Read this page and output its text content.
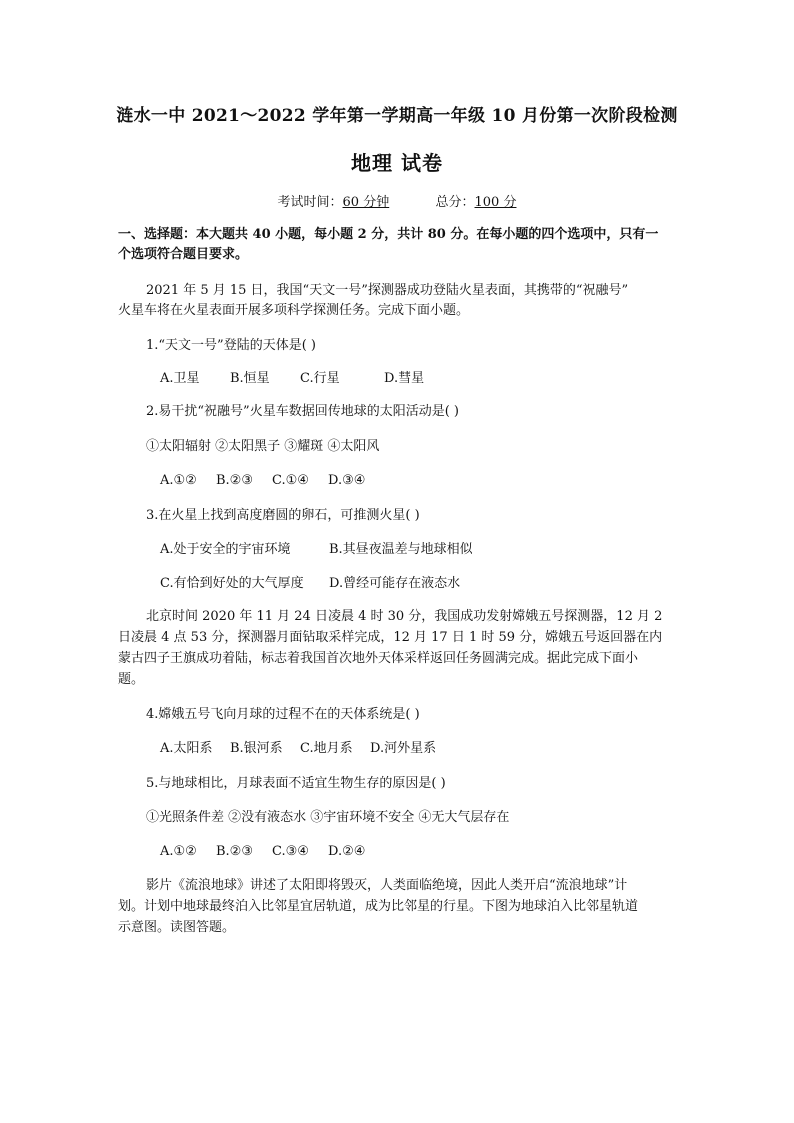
涟水一中 2021～2022 学年第一学期高一年级 10 月份第一次阶段检测
地理 试卷
考试时间：60 分钟	总分：100 分
一、选择题：本大题共 40 小题，每小题 2 分，共计 80 分。在每小题的四个选项中，只有一
个选项符合题目要求。
2021 年 5 月 15 日，我国“天文一号”探测器成功登陆火星表面，其携带的“祝融号”
火星车将在火星表面开展多项科学探测任务。完成下面小题。
1.“天文一号”登陆的天体是( )
A.卫星 B.恒星 C.行星	D.彗星
2.易干扰“祝融号”火星车数据回传地球的太阳活动是( )
①太阳辐射 ②太阳黑子 ③耀斑 ④太阳风
A.①② B.②③ C.①④ D.③④
3.在火星上找到高度磨圆的卵石，可推测火星( )
A.处于安全的宇宙环境	B.其昼夜温差与地球相似
C.有恰到好处的大气厚度 D.曾经可能存在液态水
北京时间 2020 年 11 月 24 日凌晨 4 时 30 分，我国成功发射嫦娥五号探测器，12 月 2
日凌晨 4 点 53 分，探测器月面钻取采样完成，12 月 17 日 1 时 59 分，嫦娥五号返回器在内
蒙古四子王旗成功着陆，标志着我国首次地外天体采样返回任务圆满完成。据此完成下面小
题。
4.嫦娥五号飞向月球的过程不在的天体系统是( )
A.太阳系 B.银河系 C.地月系 D.河外星系
5.与地球相比，月球表面不适宜生物生存的原因是( )
①光照条件差 ②没有液态水 ③宇宙环境不安全 ④无大气层存在
A.①② B.②③ C.③④ D.②④
影片《流浪地球》讲述了太阳即将毁灭，人类面临绝境，因此人类开启“流浪地球”计
划。计划中地球最终泊入比邻星宜居轨道，成为比邻星的行星。下图为地球泊入比邻星轨道
示意图。读图答题。
